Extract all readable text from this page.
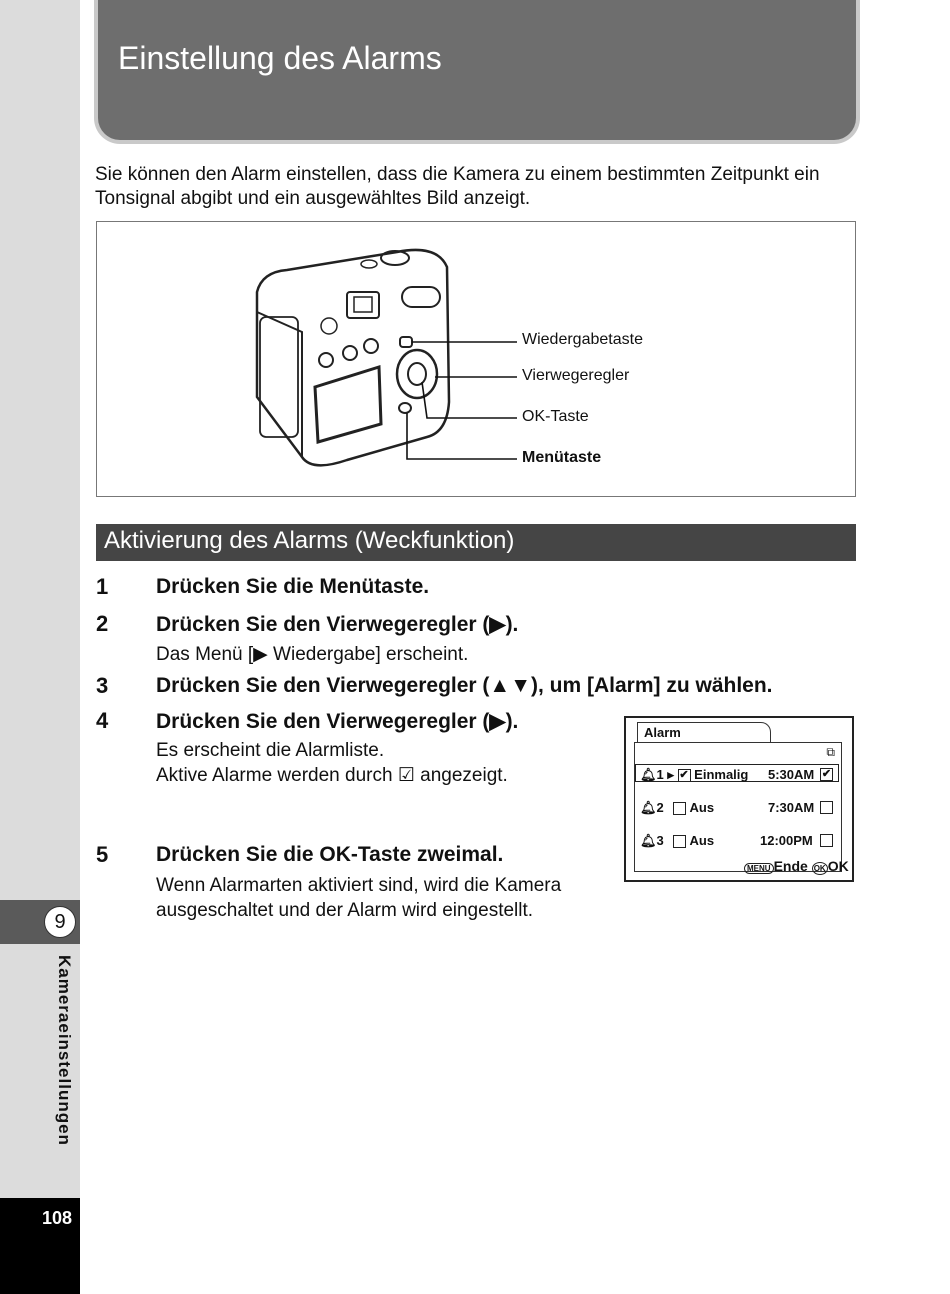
9
Kameraeinstellungen
108
Einstellung des Alarms
Sie können den Alarm einstellen, dass die Kamera zu einem bestimmten Zeitpunkt ein Tonsignal abgibt und ein ausgewähltes Bild anzeigt.
Wiedergabetaste
Vierwegeregler
OK-Taste
Menütaste
Aktivierung des Alarms (Weckfunktion)
1 Drücken Sie die Menütaste.
2 Drücken Sie den Vierwegeregler (▶).
Das Menü [▶ Wiedergabe] erscheint.
3 Drücken Sie den Vierwegeregler (▲▼), um [Alarm] zu wählen.
4 Drücken Sie den Vierwegeregler (▶).
Es erscheint die Alarmliste.
Aktive Alarme werden durch ☑ angezeigt.
5 Drücken Sie die OK-Taste zweimal.
Wenn Alarmarten aktiviert sind, wird die Kamera
ausgeschaltet und der Alarm wird eingestellt.
Alarm
⧉
🔔︎1 ▸ ✔ Einmalig 5:30AM ✔
🔔︎2 Aus	7:30AM
🔔︎3 Aus	12:00PM
MENU Ende OK OK
